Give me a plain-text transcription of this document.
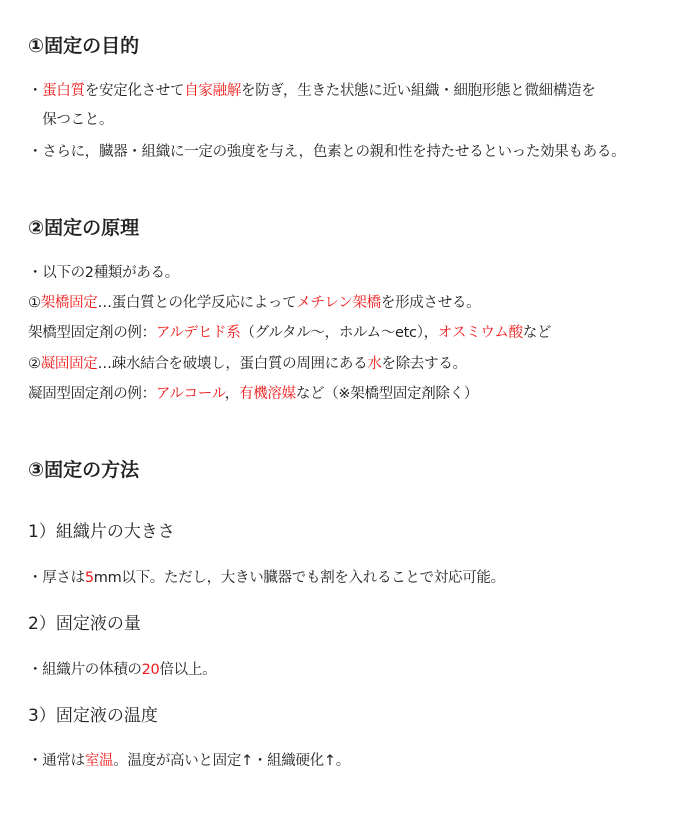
①固定の目的
・蛋白質を安定化させて自家融解を防ぎ，生きた状態に近い組織・細胞形態と微細構造を
　保つこと。
・さらに，臓器・組織に一定の強度を与え，色素との親和性を持たせるといった効果もある。
②固定の原理
・以下の2種類がある。
①架橋固定…蛋白質との化学反応によってメチレン架橋を形成させる。
架橋型固定剤の例：アルデヒド系（グルタル～，ホルム～etc），オスミウム酸など
②凝固固定…疎水結合を破壊し，蛋白質の周囲にある水を除去する。
凝固型固定剤の例：アルコール，有機溶媒など（※架橋型固定剤除く）
③固定の方法
1）組織片の大きさ
・厚さは5mm以下。ただし，大きい臓器でも割を入れることで対応可能。
2）固定液の量
・組織片の体積の20倍以上。
3）固定液の温度
・通常は室温。温度が高いと固定↑・組織硬化↑。
